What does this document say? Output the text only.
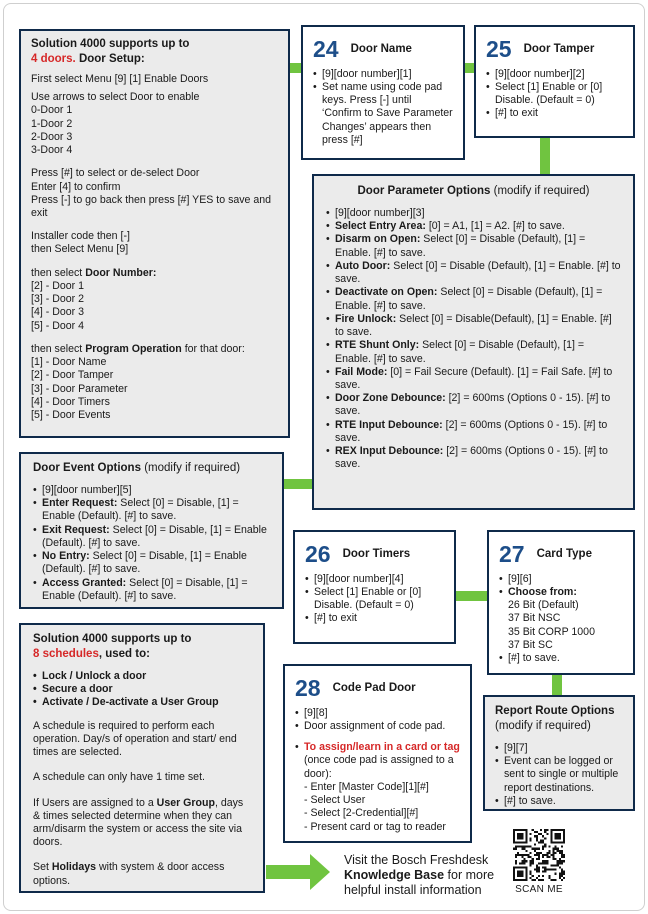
Solution 4000 supports up to
4 doors. Door Setup:
First select Menu [9] [1] Enable Doors
Use arrows to select Door to enable
0-Door 1
1-Door 2
2-Door 3
3-Door 4
Press [#] to select or de-select Door
Enter [4] to confirm
Press [-] to go back then press [#] YES to save and exit
Installer code then [-]
then Select Menu [9]
then select Door Number:
[2] - Door 1
[3] - Door 2
[4] - Door 3
[5] - Door 4
then select Program Operation for that door:
[1] - Door Name
[2] - Door Tamper
[3] - Door Parameter
[4] - Door Timers
[5] - Door Events
24 Door Name
• [9][door number][1]
• Set name using code pad keys. Press [-] until ‘Confirm to Save Parameter Changes’ appears then press [#]
25 Door Tamper
• [9][door number][2]
• Select [1] Enable or [0] Disable. (Default = 0)
• [#] to exit
Door Parameter Options (modify if required)
• [9][door number][3]
• Select Entry Area: [0] = A1, [1] = A2. [#] to save.
• Disarm on Open: Select [0] = Disable (Default), [1] = Enable. [#] to save.
• Auto Door: Select [0] = Disable (Default), [1] = Enable. [#] to save.
• Deactivate on Open: Select [0] = Disable (Default), [1] = Enable. [#] to save.
• Fire Unlock: Select [0] = Disable(Default), [1] = Enable. [#] to save.
• RTE Shunt Only: Select [0] = Disable (Default), [1] = Enable. [#] to save.
• Fail Mode: [0] = Fail Secure (Default). [1] = Fail Safe. [#] to save.
• Door Zone Debounce: [2] = 600ms (Options 0 - 15). [#] to save.
• RTE Input Debounce: [2] = 600ms (Options 0 - 15). [#] to save.
• REX Input Debounce: [2] = 600ms (Options 0 - 15). [#] to save.
Door Event Options (modify if required)
• [9][door number][5]
• Enter Request: Select [0] = Disable, [1] = Enable (Default). [#] to save.
• Exit Request: Select [0] = Disable, [1] = Enable (Default). [#] to save.
• No Entry: Select [0] = Disable, [1] = Enable (Default). [#] to save.
• Access Granted: Select [0] = Disable, [1] = Enable (Default). [#] to save.
26 Door Timers
• [9][door number][4]
• Select [1] Enable or [0] Disable. (Default = 0)
• [#] to exit
27 Card Type
• [9][6]
• Choose from:
26 Bit (Default)
37 Bit NSC
35 Bit CORP 1000
37 Bit SC
• [#] to save.
Solution 4000 supports up to
8 schedules, used to:
• Lock / Unlock a door
• Secure a door
• Activate / De-activate a User Group

A schedule is required to perform each operation. Day/s of operation and start/ end times are selected.

A schedule can only have 1 time set.

If Users are assigned to a User Group, days & times selected determine when they can arm/disarm the system or access the site via doors.

Set Holidays with system & door access options.

28 Code Pad Door
• [9][8]
• Door assignment of code pad.
• To assign/learn in a card or tag (once code pad is assigned to a door):
- Enter [Master Code][1][#]
- Select User
- Select [2-Credential][#]
- Present card or tag to reader
Report Route Options
(modify if required)
• [9][7]
• Event can be logged or sent to single or multiple report destinations.
• [#] to save.
Visit the Bosch Freshdesk
Knowledge Base for more
helpful install information	SCAN ME
